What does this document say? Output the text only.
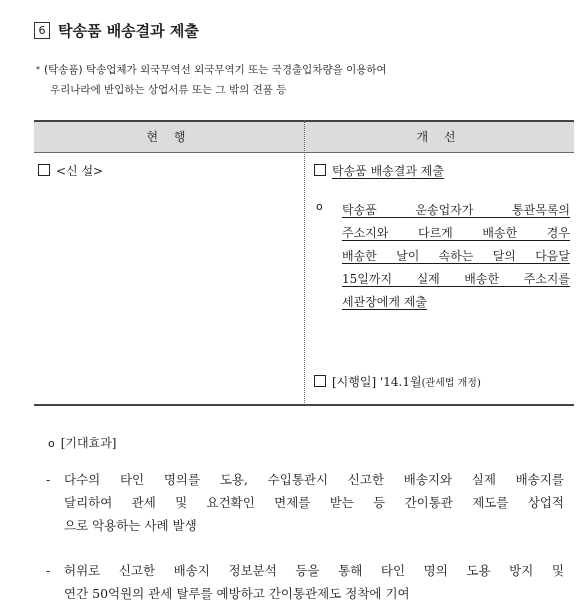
6 탁송품 배송결과 제출
* (탁송품) 탁송업체가 외국무역선 외국무역기 또는 국경출입차량을 이용하여
우리나라에 반입하는 상업서류 또는 그 밖의 견품 등
현 행	개 선
<신 설>	탁송품 배송결과 제출
o 탁송품 운송업자가 통관목록의
주소지와 다르게 배송한 경우
배송한 날이 속하는 달의 다음달
15일까지 실제 배송한 주소지를
세관장에게 제출
[시행일] '14.1월(관세법 개정)
o [기대효과]
- 다수의 타인 명의를 도용, 수입통관시 신고한 배송지와 실제 배송지를
달리하여 관세 및 요건확인 면제를 받는 등 간이통관 제도를 상업적
으로 악용하는 사례 발생
- 허위로 신고한 배송지 정보분석 등을 통해 타인 명의 도용 방지 및
연간 50억원의 관세 탈루를 예방하고 간이통관제도 정착에 기여
